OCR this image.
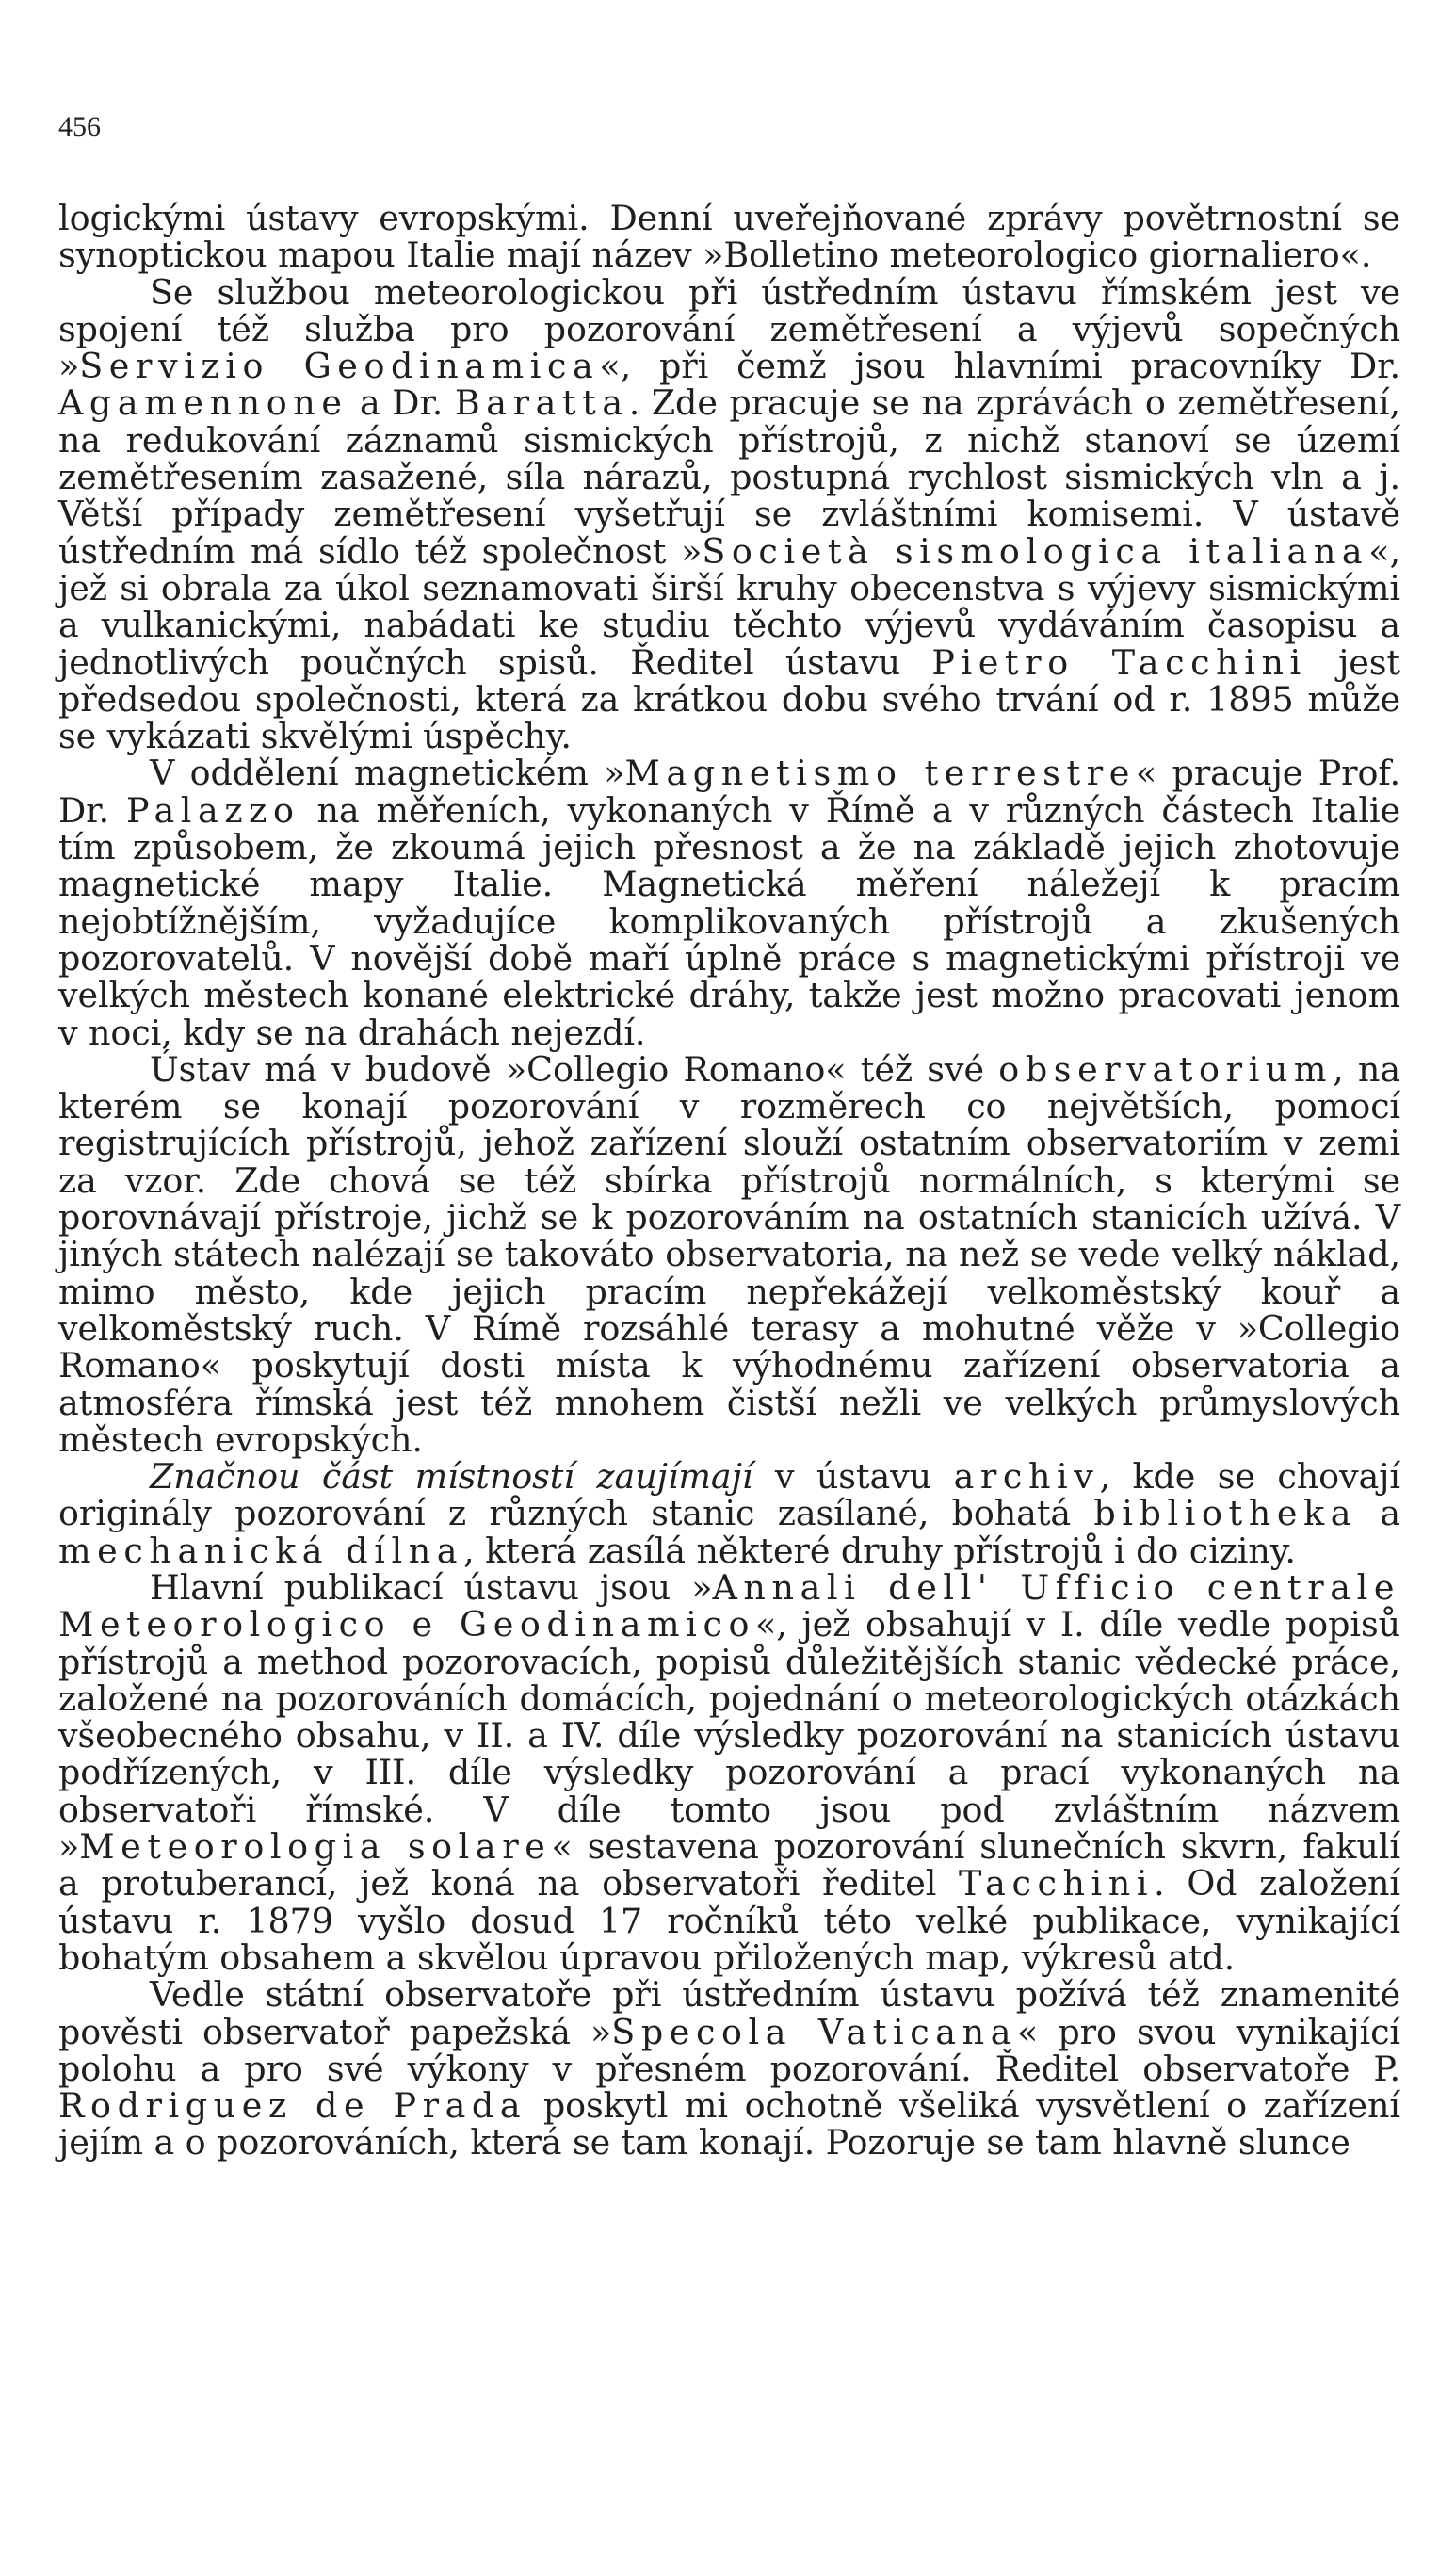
456

logickými ústavy evropskými. Denní uveřejňované zprávy povětrnostní se synoptickou mapou Italie mají název »Bolletino meteorologico giornaliero«.

Se službou meteorologickou při ústředním ústavu římském jest ve spojení též služba pro pozorování zemětřesení a výjevů sopečných »Servizio Geodinamica«, při čemž jsou hlavními pracovníky Dr. Agamennone a Dr. Baratta. Zde pracuje se na zprávách o zemětřesení, na redukování záznamů sismických přístrojů, z nichž stanoví se území zemětřesením zasažené, síla nárazů, postupná rychlost sismických vln a j. Větší případy zemětřesení vyšetřují se zvláštními komisemi. V ústavě ústředním má sídlo též společnost »Società sismologica italiana«, jež si obrala za úkol seznamovati širší kruhy obecenstva s výjevy sismickými a vulkanickými, nabádati ke studiu těchto výjevů vydáváním časopisu a jednotlivých poučných spisů. Ředitel ústavu Pietro Tacchini jest předsedou společnosti, která za krátkou dobu svého trvání od r. 1895 může se vykázati skvělými úspěchy.

V oddělení magnetickém »Magnetismo terrestre« pracuje Prof. Dr. Palazzo na měřeních, vykonaných v Římě a v různých částech Italie tím způsobem, že zkoumá jejich přesnost a že na základě jejich zhotovuje magnetické mapy Italie. Magnetická měření náležejí k pracím nejobtížnějším, vyžadujíce komplikovaných přístrojů a zkušených pozorovatelů. V novější době maří úplně práce s magnetickými přístroji ve velkých městech konané elektrické dráhy, takže jest možno pracovati jenom v noci, kdy se na drahách nejezdí.

Ústav má v budově »Collegio Romano« též své observatorium, na kterém se konají pozorování v rozměrech co největších, pomocí registrujících přístrojů, jehož zařízení slouží ostatním observatoriím v zemi za vzor. Zde chová se též sbírka přístrojů normálních, s kterými se porovnávají přístroje, jichž se k pozorováním na ostatních stanicích užívá. V jiných státech nalézají se takováto observatoria, na než se vede velký náklad, mimo město, kde jejich pracím nepřekážejí velkoměstský kouř a velkoměstský ruch. V Římě rozsáhlé terasy a mohutné věže v »Collegio Romano« poskytují dosti místa k výhodnému zařízení observatoria a atmosféra římská jest též mnohem čistší nežli ve velkých průmyslových městech evropských.

Značnou část místností zaujímají v ústavu archiv, kde se chovají originály pozorování z různých stanic zasílané, bohatá bibliotheka a mechanická dílna, která zasílá některé druhy přístrojů i do ciziny.

Hlavní publikací ústavu jsou »Annali dell' Ufficio centrale Meteorologico e Geodinamico«, jež obsahují v I. díle vedle popisů přístrojů a method pozorovacích, popisů důležitějších stanic vědecké práce, založené na pozorováních domácích, pojednání o meteorologických otázkách všeobecného obsahu, v II. a IV. díle výsledky pozorování na stanicích ústavu podřízených, v III. díle výsledky pozorování a prací vykonaných na observatoři římské. V díle tomto jsou pod zvláštním názvem »Meteorologia solare« sestavena pozorování slunečních skvrn, fakulí a protuberancí, jež koná na observatoři ředitel Tacchini. Od založení ústavu r. 1879 vyšlo dosud 17 ročníků této velké publikace, vynikající bohatým obsahem a skvělou úpravou přiložených map, výkresů atd.

Vedle státní observatoře při ústředním ústavu požívá též znamenité pověsti observatoř papežská »Specola Vaticana« pro svou vynikající polohu a pro své výkony v přesném pozorování. Ředitel observatoře P. Rodriguez de Prada poskytl mi ochotně všeliká vysvětlení o zařízení jejím a o pozorováních, která se tam konají. Pozoruje se tam hlavně slunce
